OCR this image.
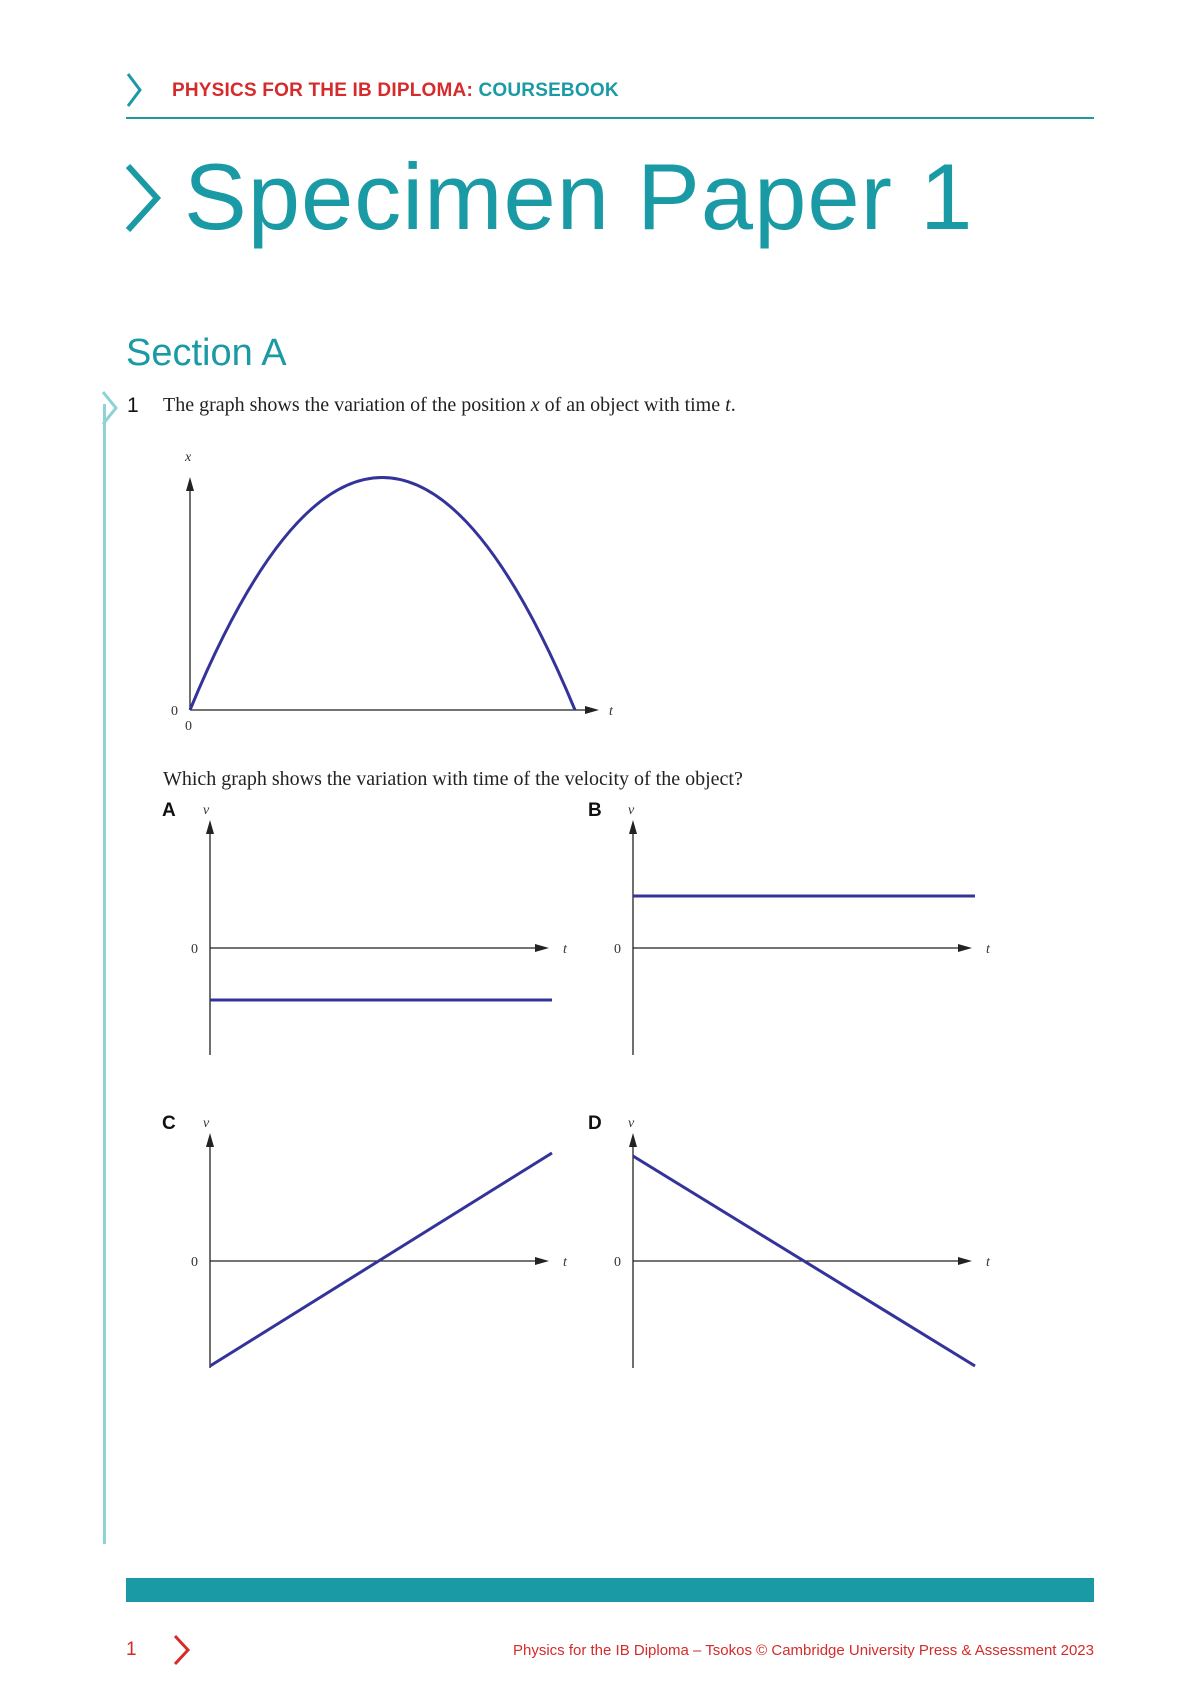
PHYSICS FOR THE IB DIPLOMA: COURSEBOOK
Specimen Paper 1
Section A
1 The graph shows the variation of the position x of an object with time t.
x
t
0
0
Which graph shows the variation with time of the velocity of the object?
A v
t
0
B v
t
0
C v
t
0
D v
t
0
1	Physics for the IB Diploma – Tsokos © Cambridge University Press & Assessment 2023
